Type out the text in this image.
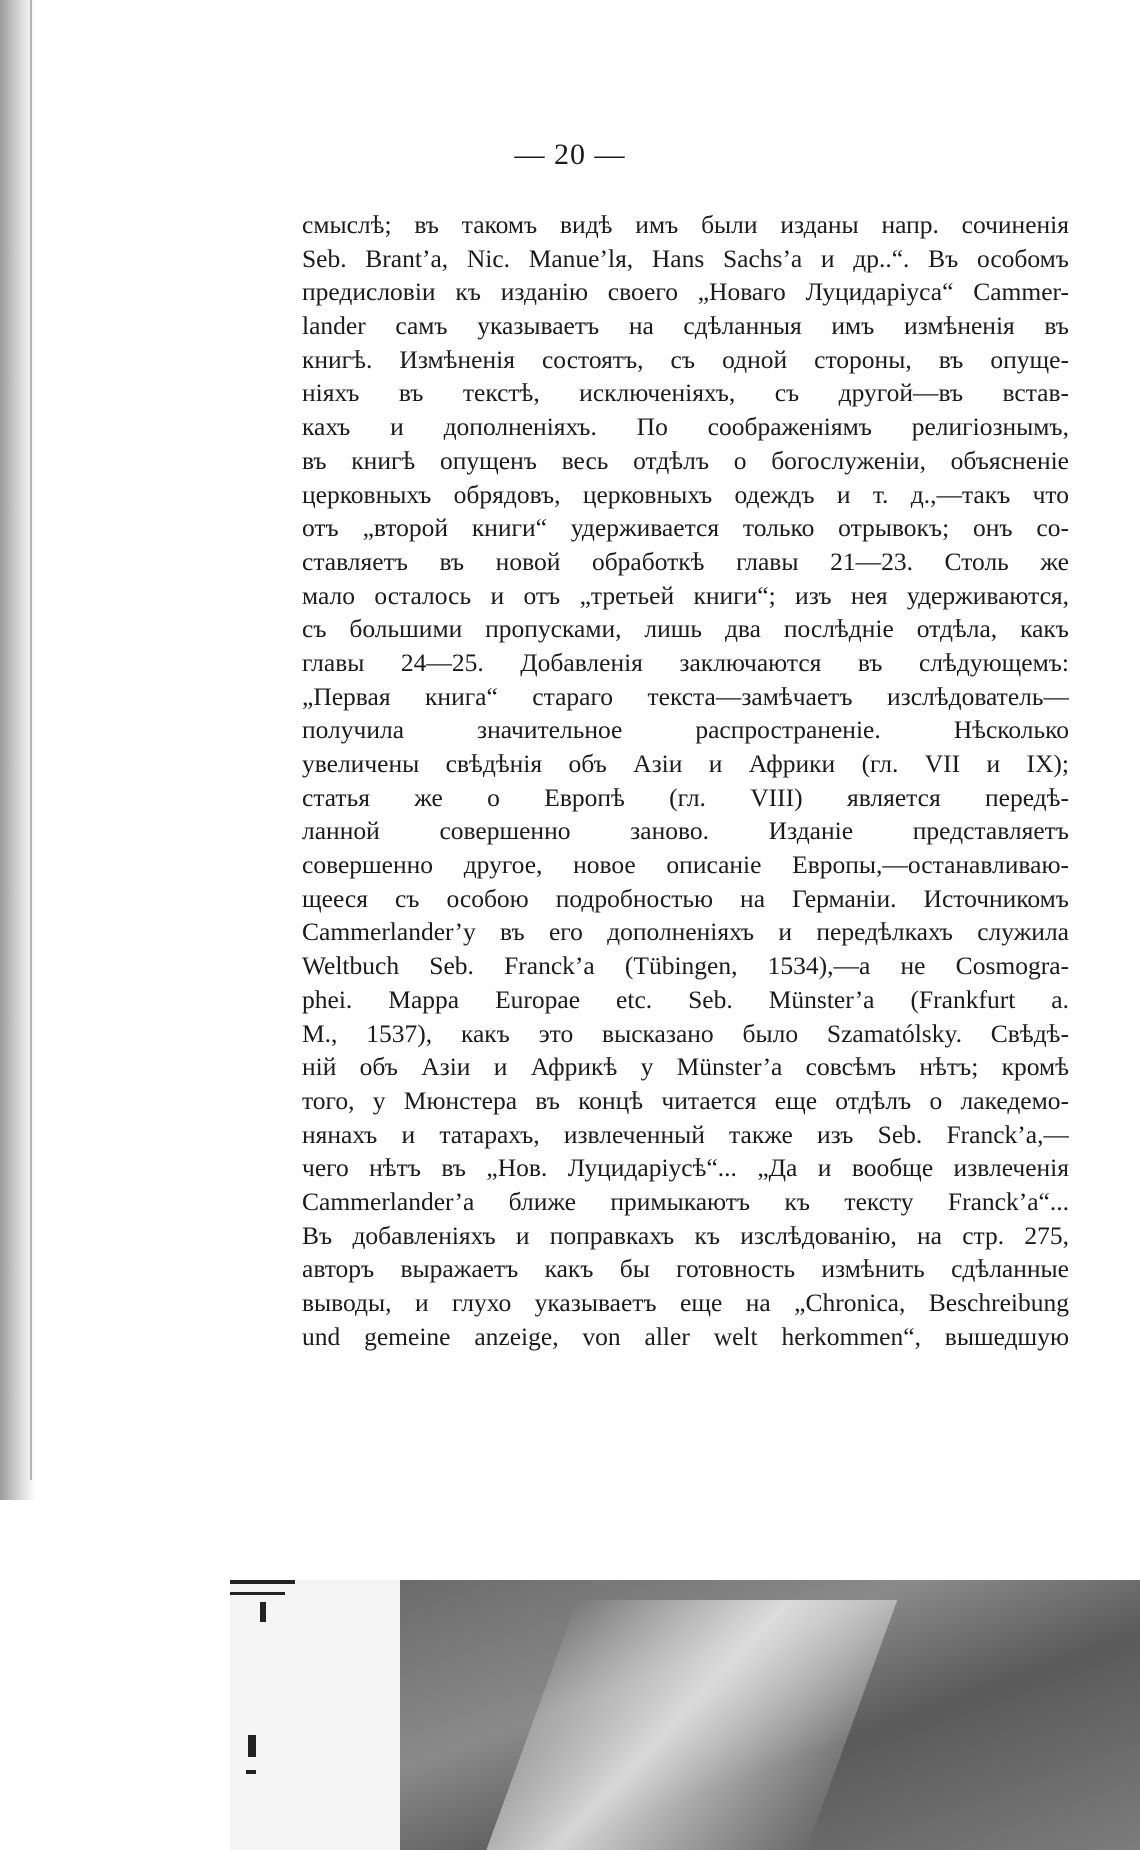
— 20 —
смыслѣ; въ такомъ видѣ имъ были изданы напр. сочиненія
Seb. Brant’a, Nic. Manue’lя, Hans Sachs’a и др..“. Въ особомъ
предисловіи къ изданію своего „Новаго Луцидаріуса“ Cammer-
lander самъ указываетъ на сдѣланныя имъ измѣненія въ
книгѣ. Измѣненія состоятъ, съ одной стороны, въ опуще-
ніяхъ въ текстѣ, исключеніяхъ, съ другой—въ встав-
кахъ и дополненіяхъ. По соображеніямъ религіознымъ,
въ книгѣ опущенъ весь отдѣлъ о богослуженіи, объясненіе
церковныхъ обрядовъ, церковныхъ одеждъ и т. д.,—такъ что
отъ „второй книги“ удерживается только отрывокъ; онъ со-
ставляетъ въ новой обработкѣ главы 21—23. Столь же
мало осталось и отъ „третьей книги“; изъ нея удерживаются,
съ большими пропусками, лишь два послѣдніе отдѣла, какъ
главы 24—25. Добавленія заключаются въ слѣдующемъ:
„Первая книга“ стараго текста—замѣчаетъ изслѣдователь—
получила значительное распространеніе. Нѣсколько
увеличены свѣдѣнія объ Азіи и Африки (гл. VII и IX);
статья же о Европѣ (гл. VIII) является передѣ-
ланной совершенно заново. Изданіе представляетъ
совершенно другое, новое описаніе Европы,—останавливаю-
щееся съ особою подробностью на Германіи. Источникомъ
Cammerlander’у въ его дополненіяхъ и передѣлкахъ служила
Weltbuch Seb. Franck’a (Tübingen, 1534),—а не Cosmogra-
phei. Mappa Europae etc. Seb. Münster’a (Frankfurt a.
M., 1537), какъ это высказано было Szamatólsky. Свѣдѣ-
ній объ Азіи и Африкѣ у Münster’a совсѣмъ нѣтъ; кромѣ
того, у Мюнстера въ концѣ читается еще отдѣлъ о лакедемо-
нянахъ и татарахъ, извлеченный также изъ Seb. Franck’a,—
чего нѣтъ въ „Нов. Луцидаріусѣ“... „Да и вообще извлеченія
Cammerlander’a ближе примыкаютъ къ тексту Franck’a“...
Въ добавленіяхъ и поправкахъ къ изслѣдованію, на стр. 275,
авторъ выражаетъ какъ бы готовность измѣнить сдѣланные
выводы, и глухо указываетъ еще на „Chronica, Beschreibung
und gemeine anzeige, von aller welt herkommen“, вышедшую
